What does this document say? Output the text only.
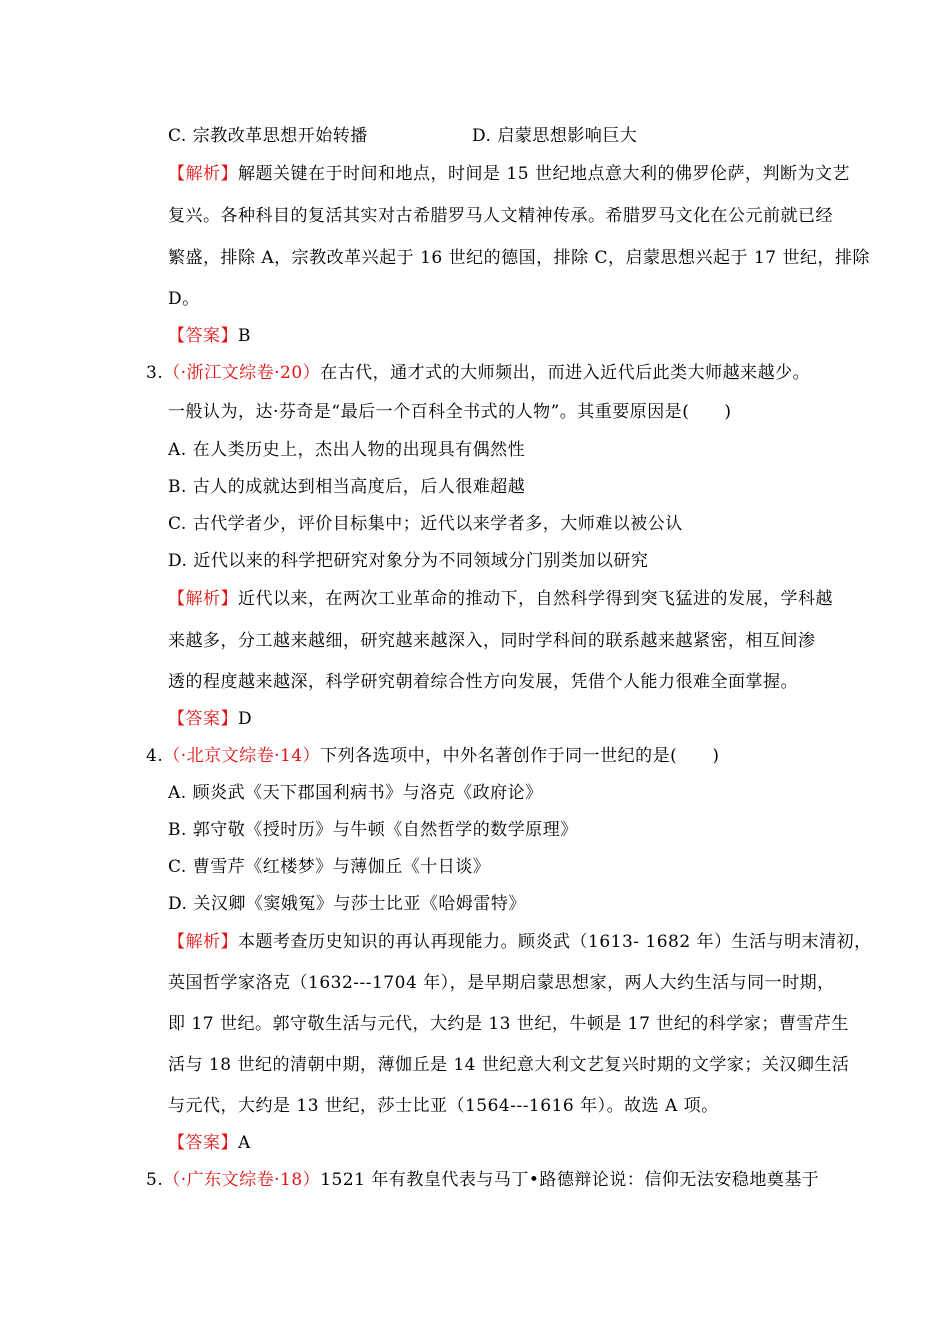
C. 宗教改革思想开始转播	D. 启蒙思想影响巨大
【解析】解题关键在于时间和地点，时间是 15 世纪地点意大利的佛罗伦萨，判断为文艺
复兴。各种科目的复活其实对古希腊罗马人文精神传承。希腊罗马文化在公元前就已经
繁盛，排除 A，宗教改革兴起于 16 世纪的德国，排除 C，启蒙思想兴起于 17 世纪，排除
D。
【答案】B
3.（·浙江文综卷·20）在古代，通才式的大师频出，而进入近代后此类大师越来越少。
一般认为，达·芬奇是“最后一个百科全书式的人物”。其重要原因是(　　)
A. 在人类历史上，杰出人物的出现具有偶然性
B. 古人的成就达到相当高度后，后人很难超越
C. 古代学者少，评价目标集中；近代以来学者多，大师难以被公认
D. 近代以来的科学把研究对象分为不同领域分门别类加以研究
【解析】近代以来，在两次工业革命的推动下，自然科学得到突飞猛进的发展，学科越
来越多，分工越来越细，研究越来越深入，同时学科间的联系越来越紧密，相互间渗
透的程度越来越深，科学研究朝着综合性方向发展，凭借个人能力很难全面掌握。
【答案】D
4.（·北京文综卷·14）下列各选项中，中外名著创作于同一世纪的是(　　)
A. 顾炎武《天下郡国利病书》与洛克《政府论》
B. 郭守敬《授时历》与牛顿《自然哲学的数学原理》
C. 曹雪芹《红楼梦》与薄伽丘《十日谈》
D. 关汉卿《窦娥冤》与莎士比亚《哈姆雷特》
【解析】本题考查历史知识的再认再现能力。顾炎武（1613- 1682 年）生活与明末清初，
英国哲学家洛克（1632---1704 年），是早期启蒙思想家，两人大约生活与同一时期，
即 17 世纪。郭守敬生活与元代，大约是 13 世纪，牛顿是 17 世纪的科学家；曹雪芹生
活与 18 世纪的清朝中期，薄伽丘是 14 世纪意大利文艺复兴时期的文学家；关汉卿生活
与元代，大约是 13 世纪，莎士比亚（1564---1616 年）。故选 A 项。
【答案】A
5.（·广东文综卷·18）1521 年有教皇代表与马丁•路德辩论说：信仰无法安稳地奠基于
